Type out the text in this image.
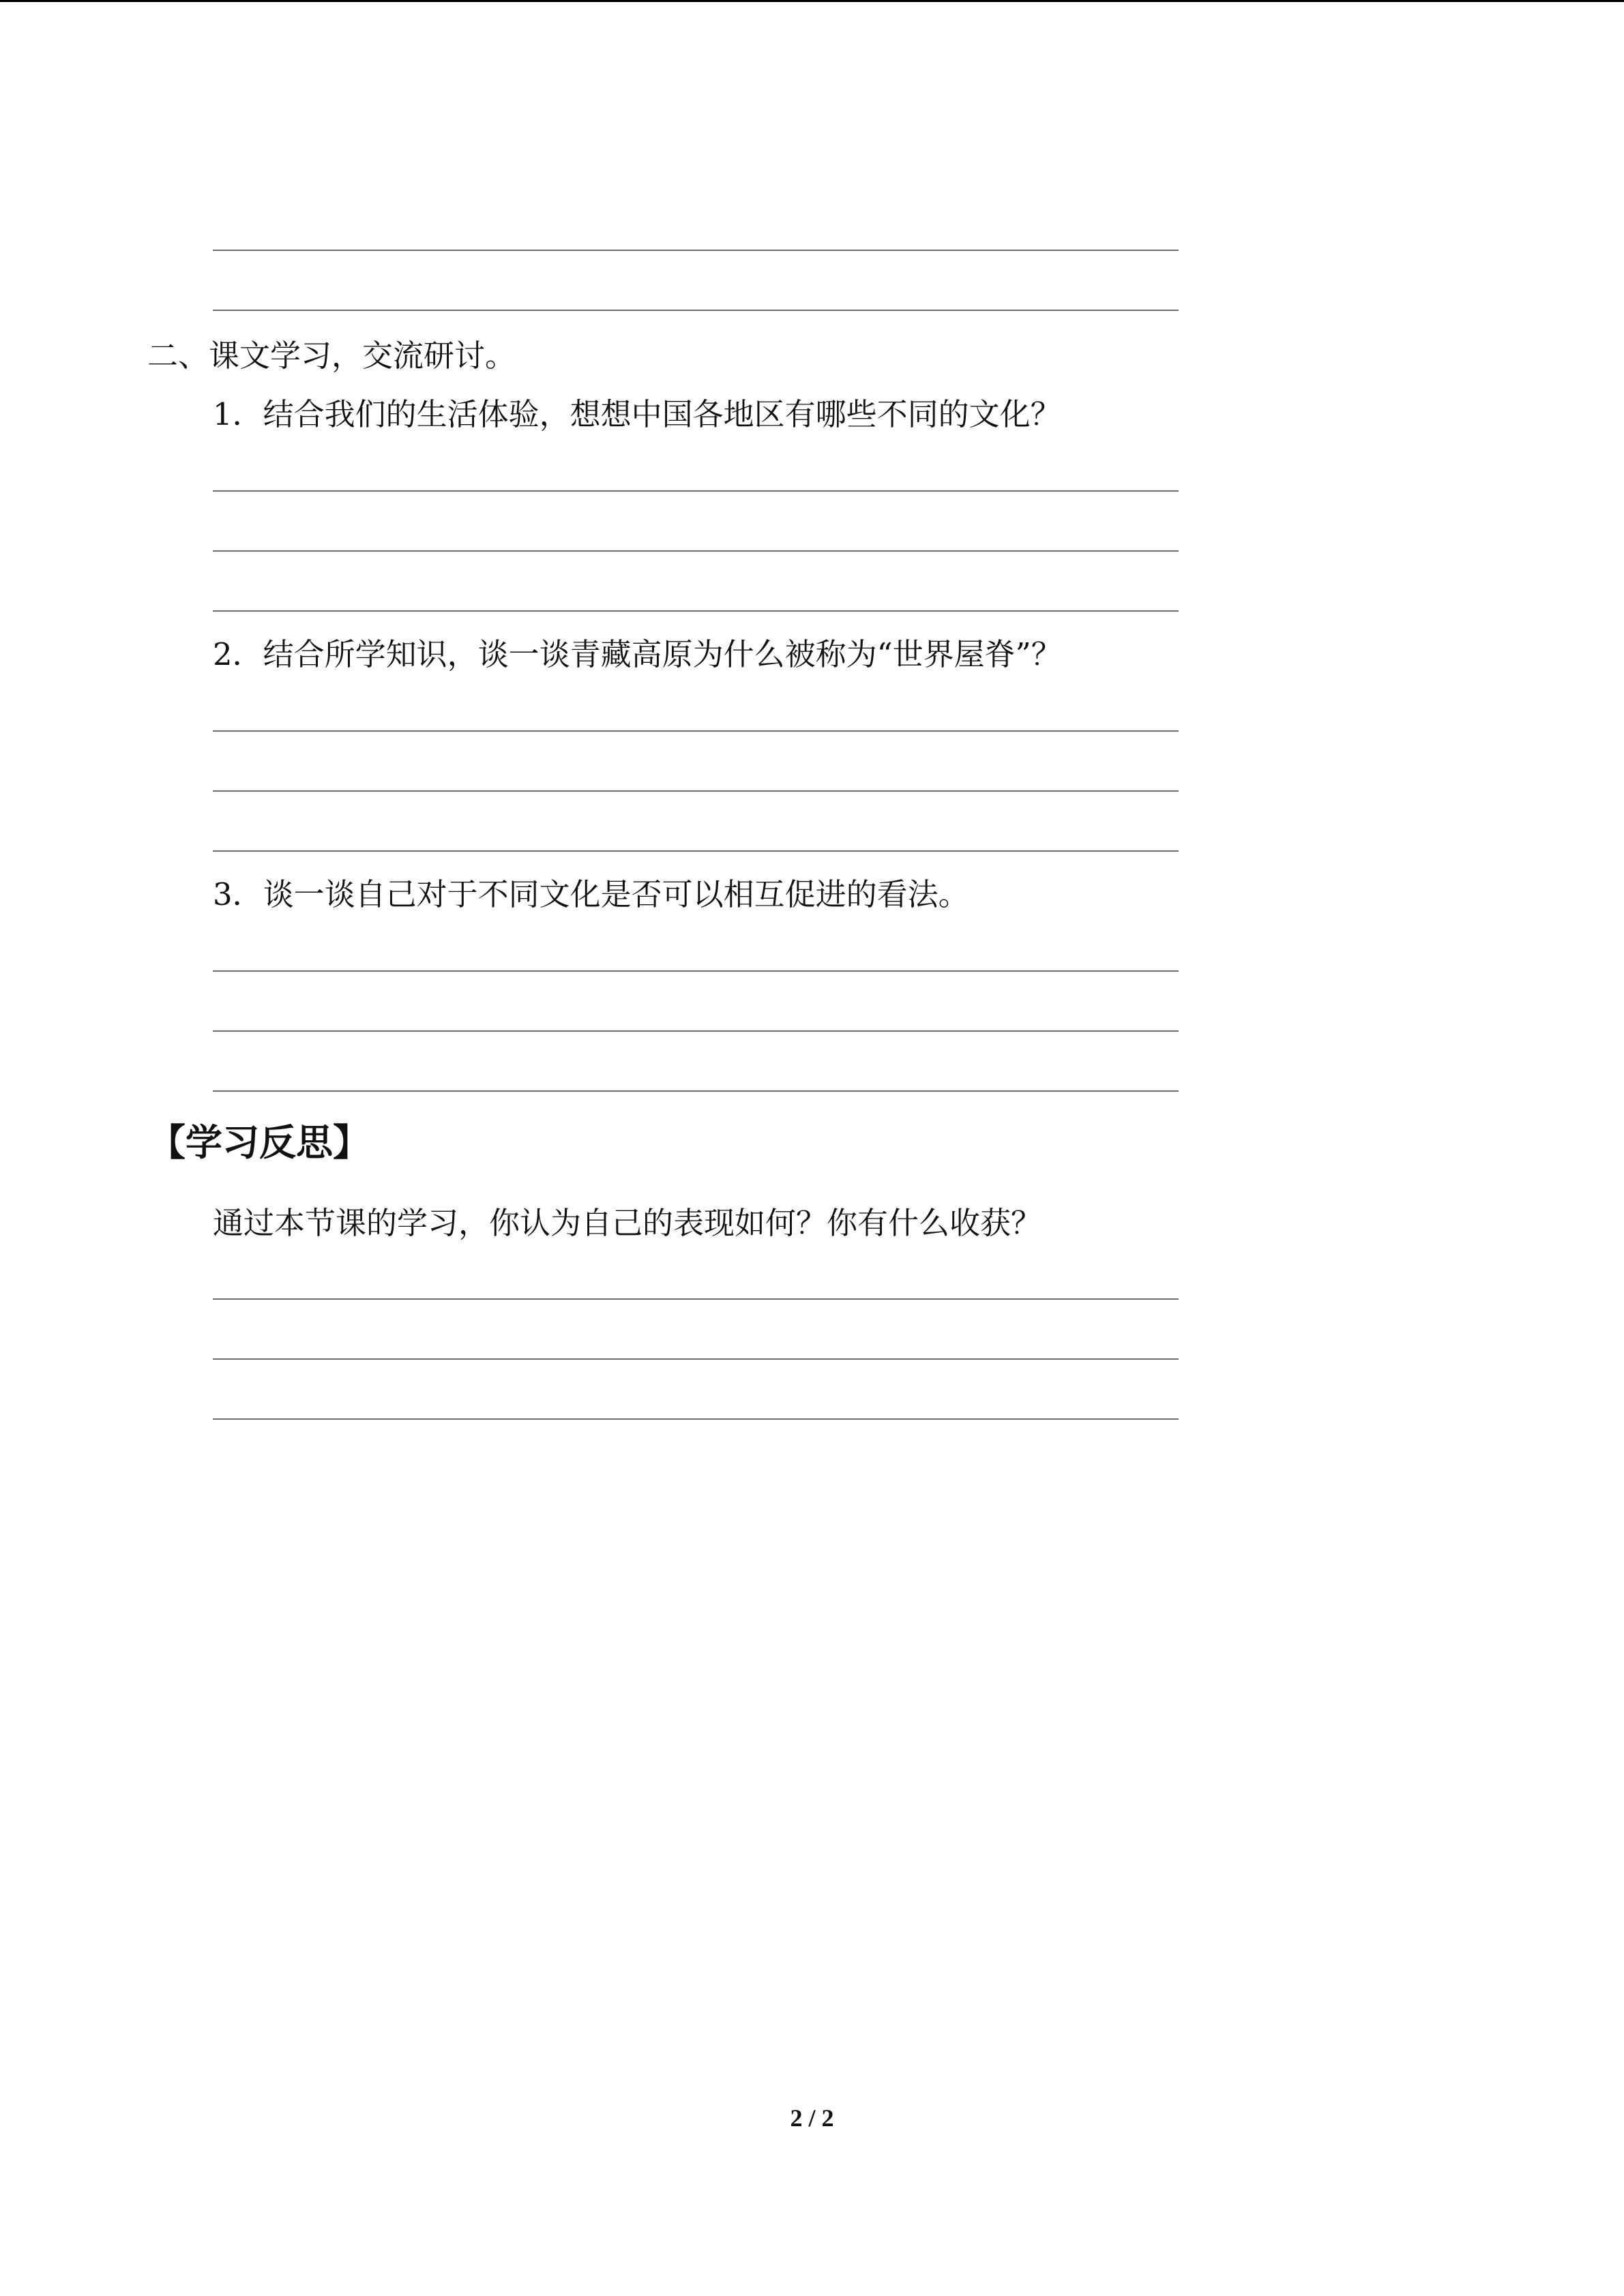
二、课文学习，交流研讨。
1．结合我们的生活体验，想想中国各地区有哪些不同的文化？
2．结合所学知识，谈一谈青藏高原为什么被称为“世界屋脊”？
3．谈一谈自己对于不同文化是否可以相互促进的看法。
【学习反思】
通过本节课的学习，你认为自己的表现如何？你有什么收获？
2 / 2
